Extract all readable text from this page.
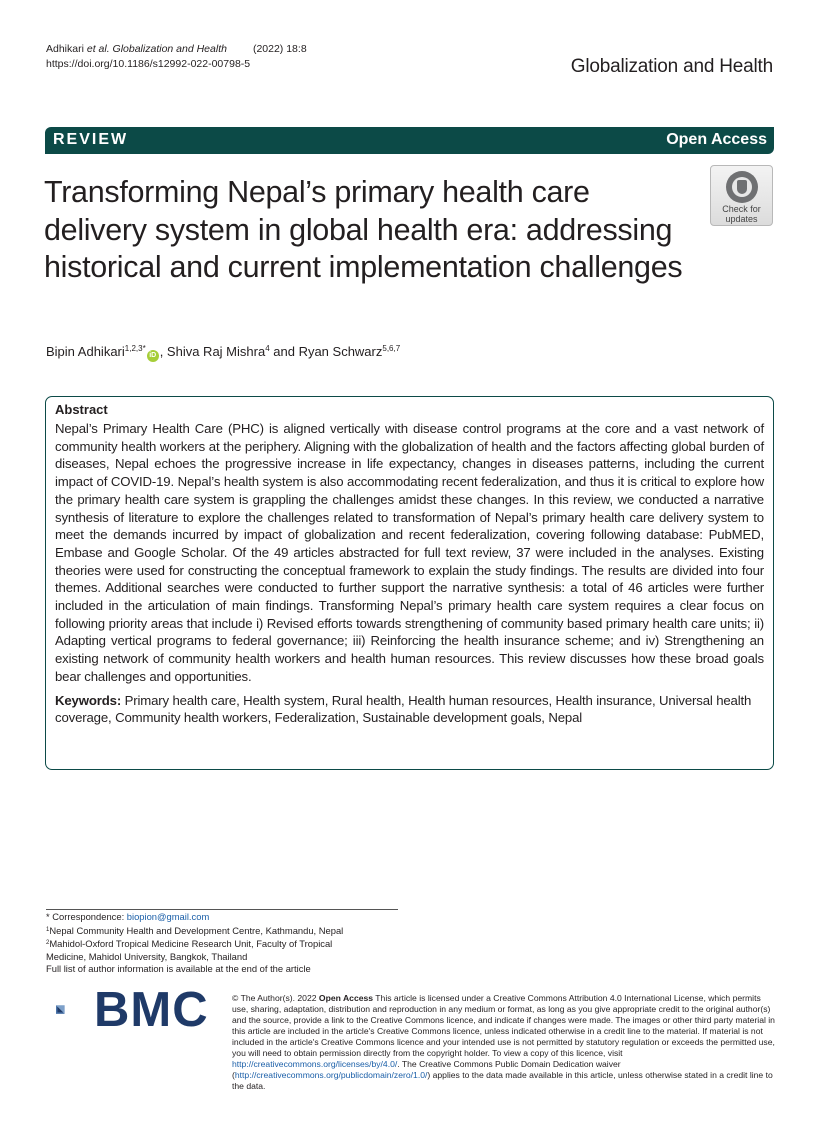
Adhikari et al. Globalization and Health (2022) 18:8
https://doi.org/10.1186/s12992-022-00798-5	Globalization and Health
REVIEW	Open Access
Transforming Nepal’s primary health care delivery system in global health era: addressing historical and current implementation challenges
Check for
updates
Bipin Adhikari$^{1,2,3*}$iD , Shiva Raj Mishra$^4$ and Ryan Schwarz$^{5,6,7}$
Abstract
Nepal’s Primary Health Care (PHC) is aligned vertically with disease control programs at the core and a vast network of community health workers at the periphery. Aligning with the globalization of health and the factors affecting global burden of diseases, Nepal echoes the progressive increase in life expectancy, changes in diseases patterns, including the current impact of COVID-19. Nepal’s health system is also accommodating recent federalization, and thus it is critical to explore how the primary health care system is grappling the challenges amidst these changes. In this review, we conducted a narrative synthesis of literature to explore the challenges related to transformation of Nepal’s primary health care delivery system to meet the demands incurred by impact of globalization and recent federalization, covering following database: PubMED, Embase and Google Scholar. Of the 49 articles abstracted for full text review, 37 were included in the analyses. Existing theories were used for constructing the conceptual framework to explain the study findings. The results are divided into four themes. Additional searches were conducted to further support the narrative synthesis: a total of 46 articles were further included in the articulation of main findings. Transforming Nepal’s primary health care system requires a clear focus on following priority areas that include i) Revised efforts towards strengthening of community based primary health care units; ii) Adapting vertical programs to federal governance; iii) Reinforcing the health insurance scheme; and iv) Strengthening an existing network of community health workers and health human resources. This review discusses how these broad goals bear challenges and opportunities.
Keywords: Primary health care, Health system, Rural health, Health human resources, Health insurance, Universal health coverage, Community health workers, Federalization, Sustainable development goals, Nepal
* Correspondence: biopion@gmail.com
$^1$Nepal Community Health and Development Centre, Kathmandu, Nepal
$^2$Mahidol-Oxford Tropical Medicine Research Unit, Faculty of Tropical
Medicine, Mahidol University, Bangkok, Thailand
Full list of author information is available at the end of the article
BMC	© The Author(s). 2022 Open Access This article is licensed under a Creative Commons Attribution 4.0 International License, which permits use, sharing, adaptation, distribution and reproduction in any medium or format, as long as you give appropriate credit to the original author(s) and the source, provide a link to the Creative Commons licence, and indicate if changes were made. The images or other third party material in this article are included in the article's Creative Commons licence, unless indicated otherwise in a credit line to the material. If material is not included in the article's Creative Commons licence and your intended use is not permitted by statutory regulation or exceeds the permitted use, you will need to obtain permission directly from the copyright holder. To view a copy of this licence, visit http://creativecommons.org/licenses/by/4.0/. The Creative Commons Public Domain Dedication waiver (http://creativecommons.org/publicdomain/zero/1.0/) applies to the data made available in this article, unless otherwise stated in a credit line to the data.
